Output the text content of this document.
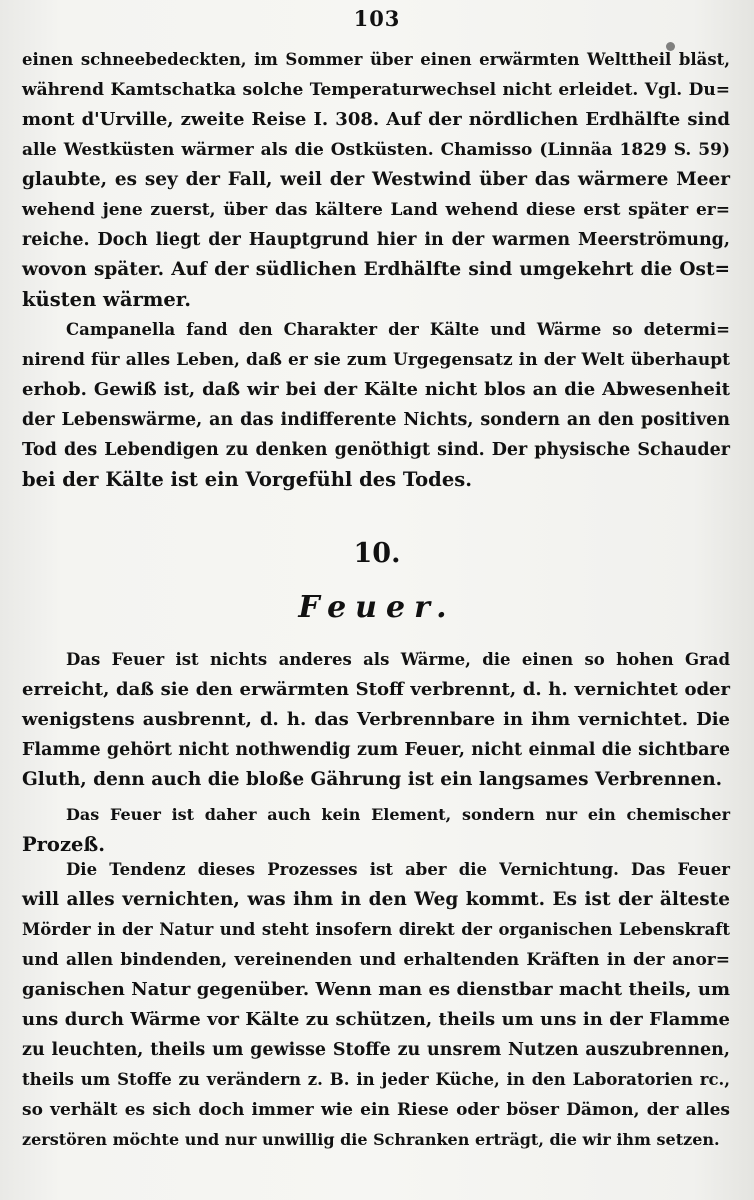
103
einen schneebedeckten, im Sommer über einen erwärmten Welttheil bläst,
während Kamtschatka solche Temperaturwechsel nicht erleidet. Vgl. Du=
mont d'Urville, zweite Reise I. 308. Auf der nördlichen Erdhälfte sind
alle Westküsten wärmer als die Ostküsten. Chamisso (Linnäa 1829 S. 59)
glaubte, es sey der Fall, weil der Westwind über das wärmere Meer
wehend jene zuerst, über das kältere Land wehend diese erst später er=
reiche. Doch liegt der Hauptgrund hier in der warmen Meerströmung,
wovon später. Auf der südlichen Erdhälfte sind umgekehrt die Ost=
küsten wärmer.
Campanella fand den Charakter der Kälte und Wärme so determi=
nirend für alles Leben, daß er sie zum Urgegensatz in der Welt überhaupt
erhob. Gewiß ist, daß wir bei der Kälte nicht blos an die Abwesenheit
der Lebenswärme, an das indifferente Nichts, sondern an den positiven
Tod des Lebendigen zu denken genöthigt sind. Der physische Schauder
bei der Kälte ist ein Vorgefühl des Todes.
10.
Feuer.
Das Feuer ist nichts anderes als Wärme, die einen so hohen Grad
erreicht, daß sie den erwärmten Stoff verbrennt, d. h. vernichtet oder
wenigstens ausbrennt, d. h. das Verbrennbare in ihm vernichtet. Die
Flamme gehört nicht nothwendig zum Feuer, nicht einmal die sichtbare
Gluth, denn auch die bloße Gährung ist ein langsames Verbrennen.
Das Feuer ist daher auch kein Element, sondern nur ein chemischer
Prozeß.
Die Tendenz dieses Prozesses ist aber die Vernichtung. Das Feuer
will alles vernichten, was ihm in den Weg kommt. Es ist der älteste
Mörder in der Natur und steht insofern direkt der organischen Lebenskraft
und allen bindenden, vereinenden und erhaltenden Kräften in der anor=
ganischen Natur gegenüber. Wenn man es dienstbar macht theils, um
uns durch Wärme vor Kälte zu schützen, theils um uns in der Flamme
zu leuchten, theils um gewisse Stoffe zu unsrem Nutzen auszubrennen,
theils um Stoffe zu verändern z. B. in jeder Küche, in den Laboratorien rc.,
so verhält es sich doch immer wie ein Riese oder böser Dämon, der alles
zerstören möchte und nur unwillig die Schranken erträgt, die wir ihm setzen.
